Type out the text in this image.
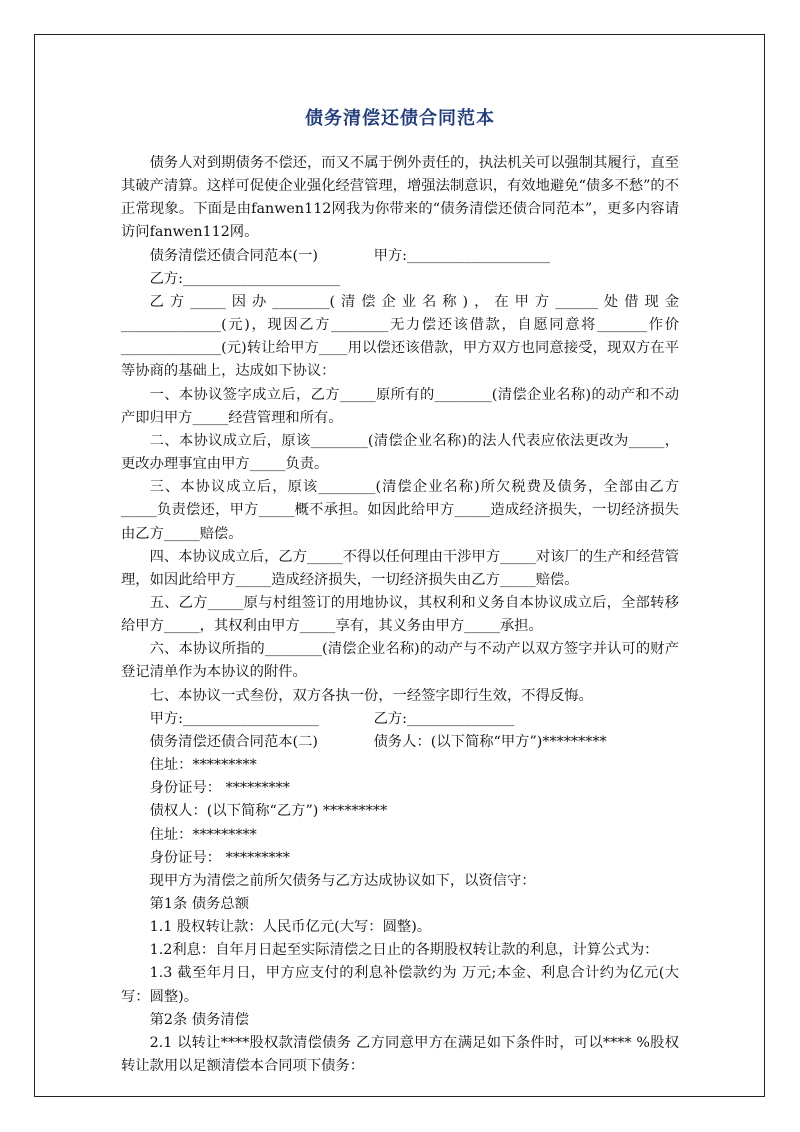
债务清偿还债合同范本

债务人对到期债务不偿还，而又不属于例外责任的，执法机关可以强制其履行，直至其破产清算。这样可促使企业强化经营管理，增强法制意识，有效地避免“债多不愁”的不正常现象。下面是由fanwen112网我为你带来的“债务清偿还债合同范本”，更多内容请访问fanwen112网。

债务清偿还债合同范本(一)	甲方:____________________

乙方:______________________

乙方_____因办________(清偿企业名称)，在甲方______处借现金______________(元)，现因乙方________无力偿还该借款，自愿同意将_______作价______________(元)转让给甲方____用以偿还该借款，甲方双方也同意接受，现双方在平等协商的基础上，达成如下协议：

一、本协议签字成立后，乙方_____原所有的________(清偿企业名称)的动产和不动产即归甲方_____经营管理和所有。

二、本协议成立后，原该________(清偿企业名称)的法人代表应依法更改为_____，更改办理事宜由甲方_____负责。

三、本协议成立后，原该________(清偿企业名称)所欠税费及债务，全部由乙方_____负责偿还，甲方_____概不承担。如因此给甲方_____造成经济损失，一切经济损失由乙方_____赔偿。

四、本协议成立后，乙方_____不得以任何理由干涉甲方_____对该厂的生产和经营管理，如因此给甲方_____造成经济损失，一切经济损失由乙方_____赔偿。

五、乙方_____原与村组签订的用地协议，其权利和义务自本协议成立后，全部转移给甲方_____，其权利由甲方_____享有，其义务由甲方_____承担。

六、本协议所指的________(清偿企业名称)的动产与不动产以双方签字并认可的财产登记清单作为本协议的附件。

七、本协议一式叁份，双方各执一份，一经签字即行生效，不得反悔。

甲方:___________________	乙方:_______________
债务清偿还债合同范本(二)	债务人：(以下简称“甲方”)*********

住址：*********

身份证号： *********

债权人：(以下简称“乙方”) *********

住址：*********

身份证号： *********

现甲方为清偿之前所欠债务与乙方达成协议如下，以资信守：

第1条 债务总额

1.1 股权转让款：人民币亿元(大写：圆整)。

1.2利息：自年月日起至实际清偿之日止的各期股权转让款的利息，计算公式为：

1.3 截至年月日，甲方应支付的利息补偿款约为 万元;本金、利息合计约为亿元(大写：圆整)。

第2条 债务清偿

2.1 以转让****股权款清偿债务 乙方同意甲方在满足如下条件时，可以**** %股权转让款用以足额清偿本合同项下债务：
